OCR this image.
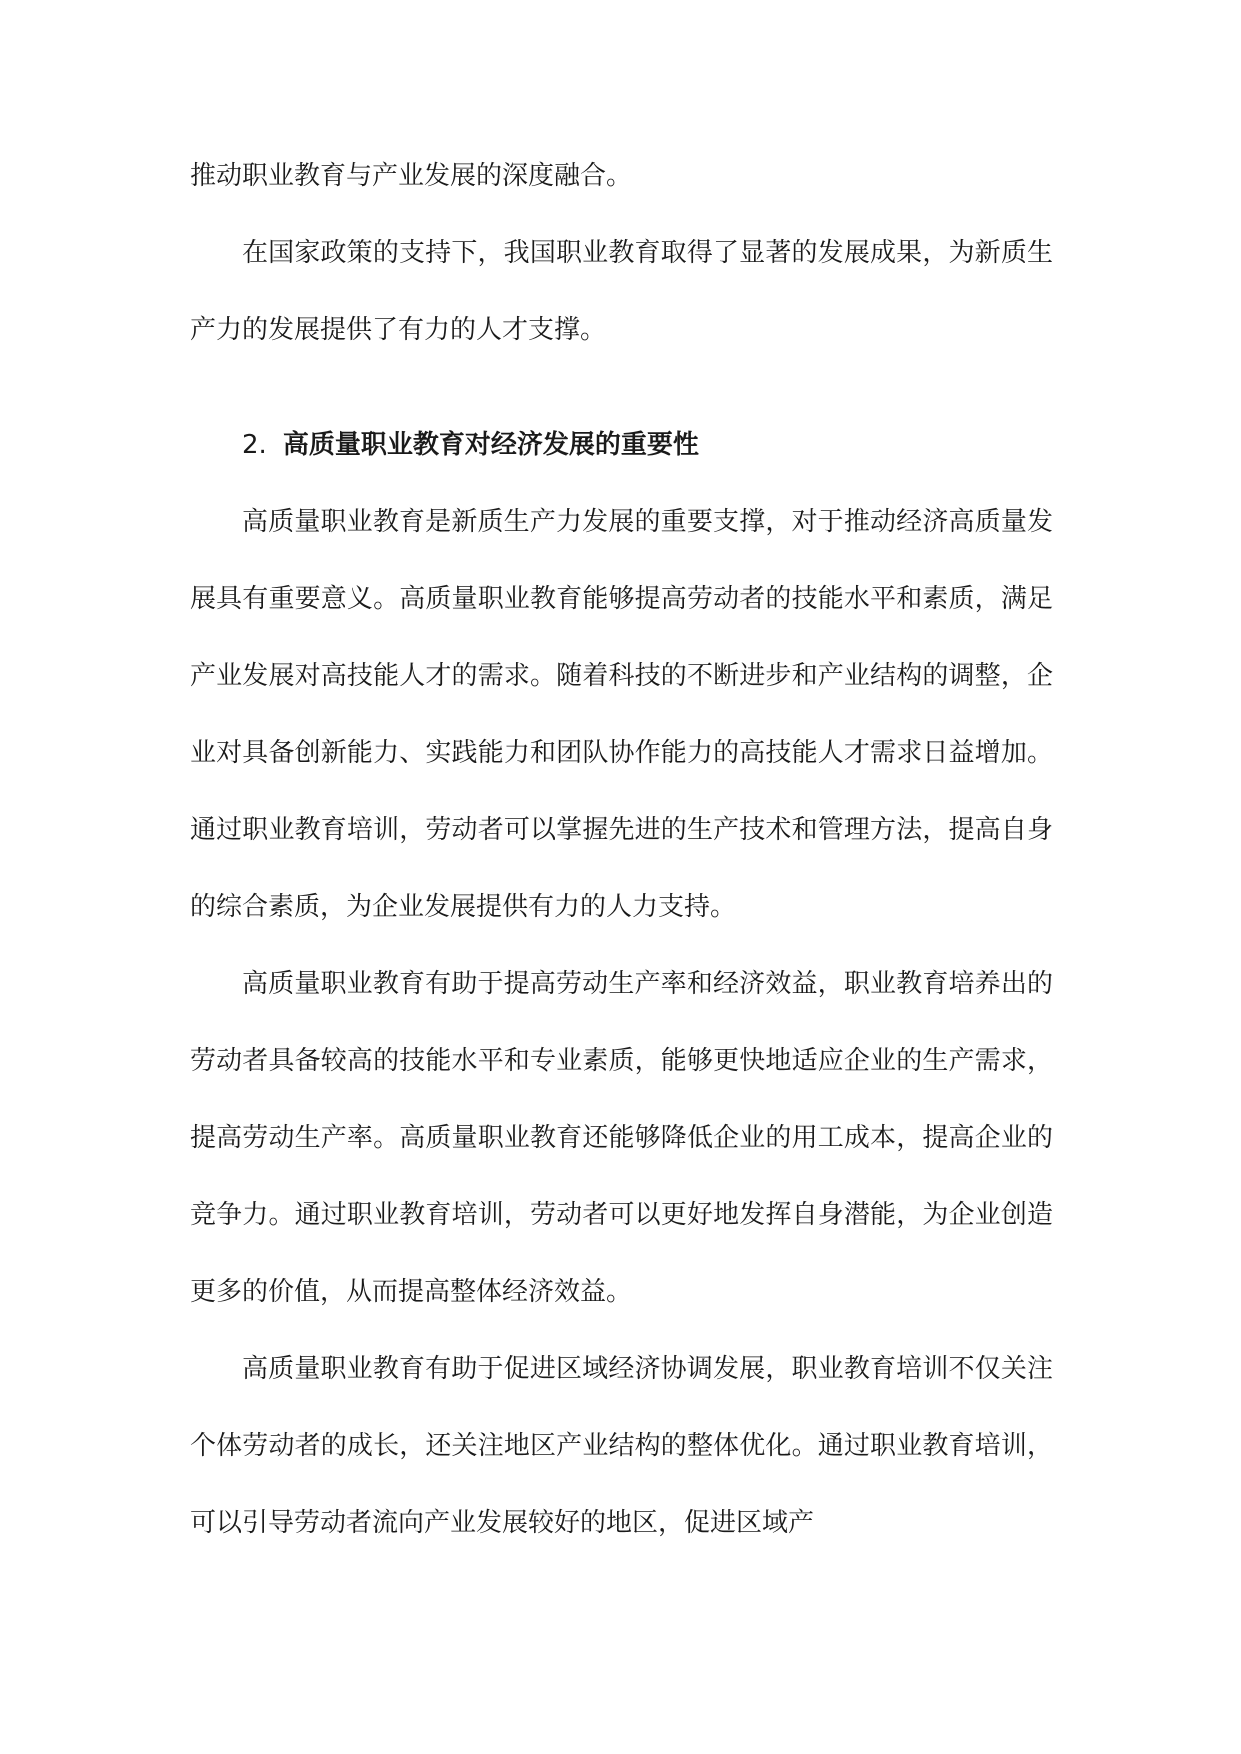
推动职业教育与产业发展的深度融合。

在国家政策的支持下，我国职业教育取得了显著的发展成果，为新质生产力的发展提供了有力的人才支撑。

2. 高质量职业教育对经济发展的重要性

高质量职业教育是新质生产力发展的重要支撑，对于推动经济高质量发展具有重要意义。高质量职业教育能够提高劳动者的技能水平和素质，满足产业发展对高技能人才的需求。随着科技的不断进步和产业结构的调整，企业对具备创新能力、实践能力和团队协作能力的高技能人才需求日益增加。通过职业教育培训，劳动者可以掌握先进的生产技术和管理方法，提高自身的综合素质，为企业发展提供有力的人力支持。

高质量职业教育有助于提高劳动生产率和经济效益，职业教育培养出的劳动者具备较高的技能水平和专业素质，能够更快地适应企业的生产需求，提高劳动生产率。高质量职业教育还能够降低企业的用工成本，提高企业的竞争力。通过职业教育培训，劳动者可以更好地发挥自身潜能，为企业创造更多的价值，从而提高整体经济效益。

高质量职业教育有助于促进区域经济协调发展，职业教育培训不仅关注个体劳动者的成长，还关注地区产业结构的整体优化。通过职业教育培训，可以引导劳动者流向产业发展较好的地区，促进区域产
